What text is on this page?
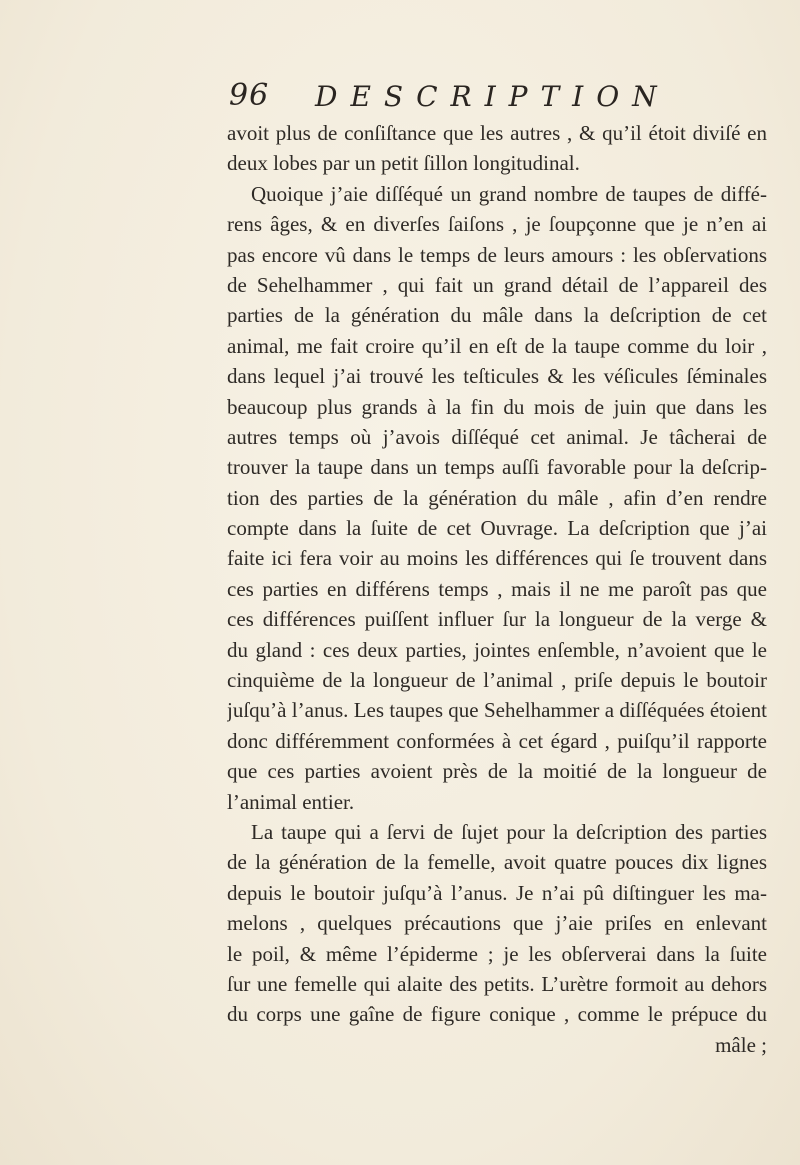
96 DESCRIPTION
avoit plus de conſiſtance que les autres , & qu’il étoit diviſé en
deux lobes par un petit ſillon longitudinal.
Quoique j’aie diſſéqué un grand nombre de taupes de diffé-
rens âges, & en diverſes ſaiſons , je ſoupçonne que je n’en ai
pas encore vû dans le temps de leurs amours : les obſervations
de Sehelhammer , qui fait un grand détail de l’appareil des
parties de la génération du mâle dans la deſcription de cet
animal, me fait croire qu’il en eſt de la taupe comme du loir ,
dans lequel j’ai trouvé les teſticules & les véſicules ſéminales
beaucoup plus grands à la fin du mois de juin que dans les
autres temps où j’avois diſſéqué cet animal. Je tâcherai de
trouver la taupe dans un temps auſſi favorable pour la deſcrip-
tion des parties de la génération du mâle , afin d’en rendre
compte dans la ſuite de cet Ouvrage. La deſcription que j’ai
faite ici fera voir au moins les différences qui ſe trouvent dans
ces parties en différens temps , mais il ne me paroît pas que
ces différences puiſſent influer ſur la longueur de la verge &
du gland : ces deux parties, jointes enſemble, n’avoient que le
cinquième de la longueur de l’animal , priſe depuis le boutoir
juſqu’à l’anus. Les taupes que Sehelhammer a diſſéquées étoient
donc différemment conformées à cet égard , puiſqu’il rapporte
que ces parties avoient près de la moitié de la longueur de
l’animal entier.
La taupe qui a ſervi de ſujet pour la deſcription des parties
de la génération de la femelle, avoit quatre pouces dix lignes
depuis le boutoir juſqu’à l’anus. Je n’ai pû diſtinguer les ma-
melons , quelques précautions que j’aie priſes en enlevant
le poil, & même l’épiderme ; je les obſerverai dans la ſuite
ſur une femelle qui alaite des petits. L’urètre formoit au dehors
du corps une gaîne de figure conique , comme le prépuce du
mâle ;
